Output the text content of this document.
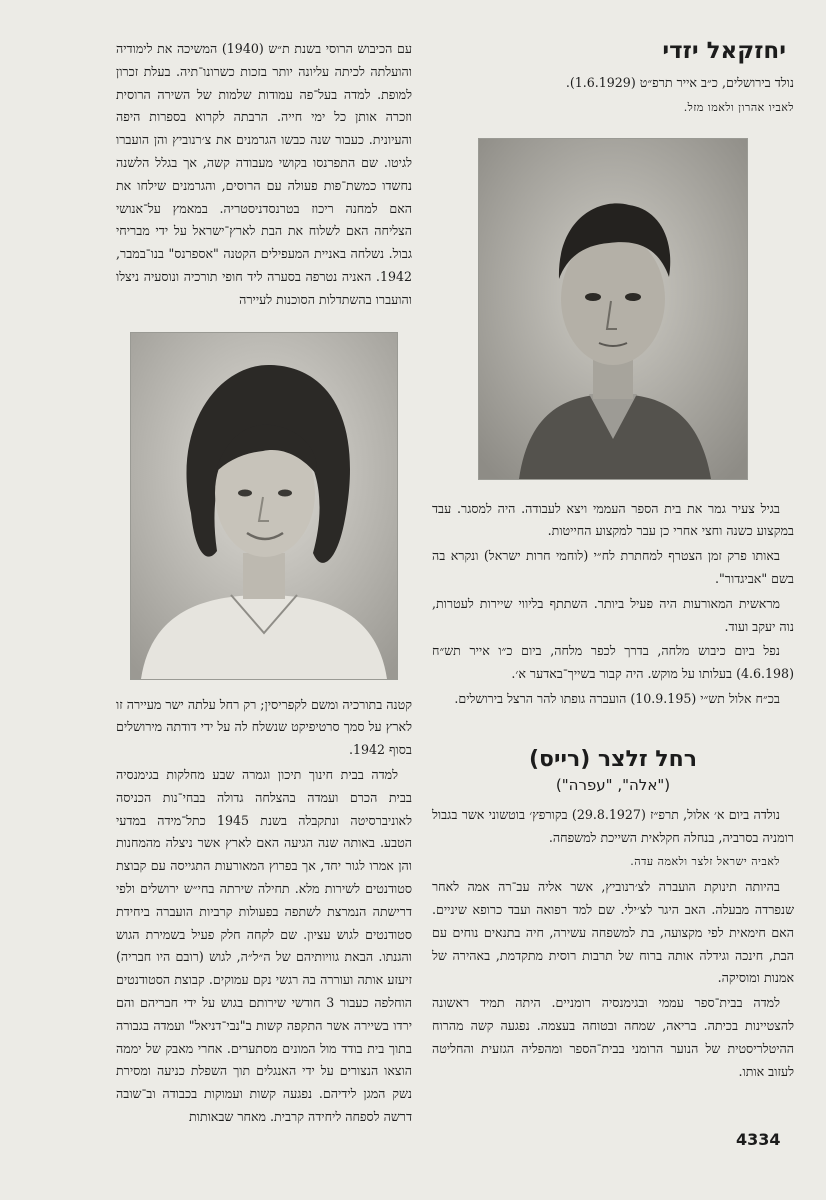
יחזקאל יזדי

נולד בירושלים, כ״ב אייר תרפ״ט (1.6.1929).

לאביו אהרון ולאמו מזל.

בגיל צעיר גמר את בית הספר העממי ויצא לעבודה. היה למסגר. עבד במקצוע כשנה וחצי אחרי כן עבר למקצוע החייטות.

באותו פרק זמן הצטרף למחתרת לח״י (לוחמי חרות ישראל) ונקרא בה בשם "אביגדור".

מראשית המאורעות היה פעיל ביותר. השתתף בליווי שיירות לעטרות, נוה יעקב ועוד.

נפל ביום כיבוש מלחה, בדרך לכפר מלחה, ביום כ״ו אייר תש״ח (4.6.198) בעלותו על מוקש. היה קבור בשייך־באדער א׳.

בכ״ח אלול תש״י (10.9.195) הועברה גופתו להר הרצל בירושלים.

רחל זלצר (רייס)
("אלה", "עפרה")

נולדה ביום א׳ אלול, תרפ״ז (29.8.1927) בקורפץ׳ בוטשוני אשר בגבול רומניה בסרביה, בנחלה חקלאית השייכת למשפחה.

לאביה ישראל זלצר ולאמה עדה.

בהיותה תינוקת הועברה לצ׳רנוביץ, אשר אליה עב־רה אמה לאחר שנפרדה מבעלה. האב היגר לצ׳ילי. שם למד רפואה ועבד כרופא שיניים. האם חימאית לפי מקצועה, בת למשפחה עשירה, חיה בתנאים נוחים עם הבת, חינכה וגידלה אותה ברוח של תרבות רוסית מתקדמת, באהירה של אמנות ומוסיקה.

למדה בבית־ספר עממי ובגימנסיה רומניים. היתה תמיד ראשונה להצטיינות בכיתה. בריאה, שמחה ובטוחה בעצמה. נפגעה קשה מהרוח ההיטלריסטית של הנוער הרומני בבית־הספר ומהפליה הגזעית והחליטה לעזוב אותו.

עם הכיבוש הרוסי בשנת ת״ש (1940) המשיכה את לימודיה והועלתה לכיתה עליונה יותר בזכות כשרונו־תיה. בעלת זכרון למופת. למדה בעל־פה עמודות שלמות של השירה הרוסית וזכרה אותן כל ימי חייה. הרבתה לקרוא בספרות היפה והעיונית. כעבור שנה כבשו הגרמנים את צ׳רנוביץ והן הועברו לגיטו. שם התפרנסו בקושי מעבודה קשה, אך בגלל הלשנה נחשדו כמשת־פות פעולה עם הרוסים, והגרמנים שילחו את האם למחנה ריכוז בטרנסדניסטריה. במאמץ על־אנושי הצליחה האם לשלוח את הבת לארץ־ישראל על ידי מבריחי גבול. נשלחה באניית המעפילים הקטנה "אספרנס" בנו־במבר, 1942. האניה נטרפה בסערה ליד חופי תורכיה ונוסעיה ניצלו והועברו בהשתדלות הסוכנות לעיירה

קטנה בתורכיה ומשם לקפריסין; רק רחל עלתה ישר מעיירה זו לארץ על סמך סרטיפיקט שנשלח לה על ידי דודתה מירושלים בסוף 1942.

למדה בבית חינוך תיכון וגמרה שבע מחלקות בגימנסיה בבית הכרם ועמדה בהצלחה גדולה בבחי־נות הכניסה לאוניברסיטה ונתקבלה בשנת 1945 כתל־מידה במדעי הטבע. באותה שנה הגיעה האם לארץ אשר ניצלה מהמחנות והן אמרו לגור יחד, אך בפרוץ המאורעות התגייסה עם קבוצת סטודנטים לשירות מלא. תחילה שירתה בחי״ש ירושלים ולפי דרישתה הנמרצת לשתפה בפעולות קרביות הועברה ביחידת סטודנטים לגוש עציון. שם לקחה חלק פעיל בשמירת הגוש והגנתו. הבאת גוויותיהם של ה״ל״ה, לגוש (רובם היו חבריה) זיעזע אותה ועוררה בה רגשי נקם עמוקים. קבוצת הסטודנטים הוחלפה כעבור 3 חודשי שירותם בגוש על ידי חבריהם והם ירדו בשיירה אשר התקפה קשות ב"נבי־דניאל" ועמדה בגבורה בתוך בית בודד מול המונים מסתערים. אחרי מאבק של יממה הוצאו הנצורים על ידי האנגלים תוך השפלת כניעה ומסירת נשק המגן לידיהם. נפגעה קשות ועמוקות בכבודה וב־שובה דרשה לספחה ליחידה קרבית. מאחר שבאותות

4334
